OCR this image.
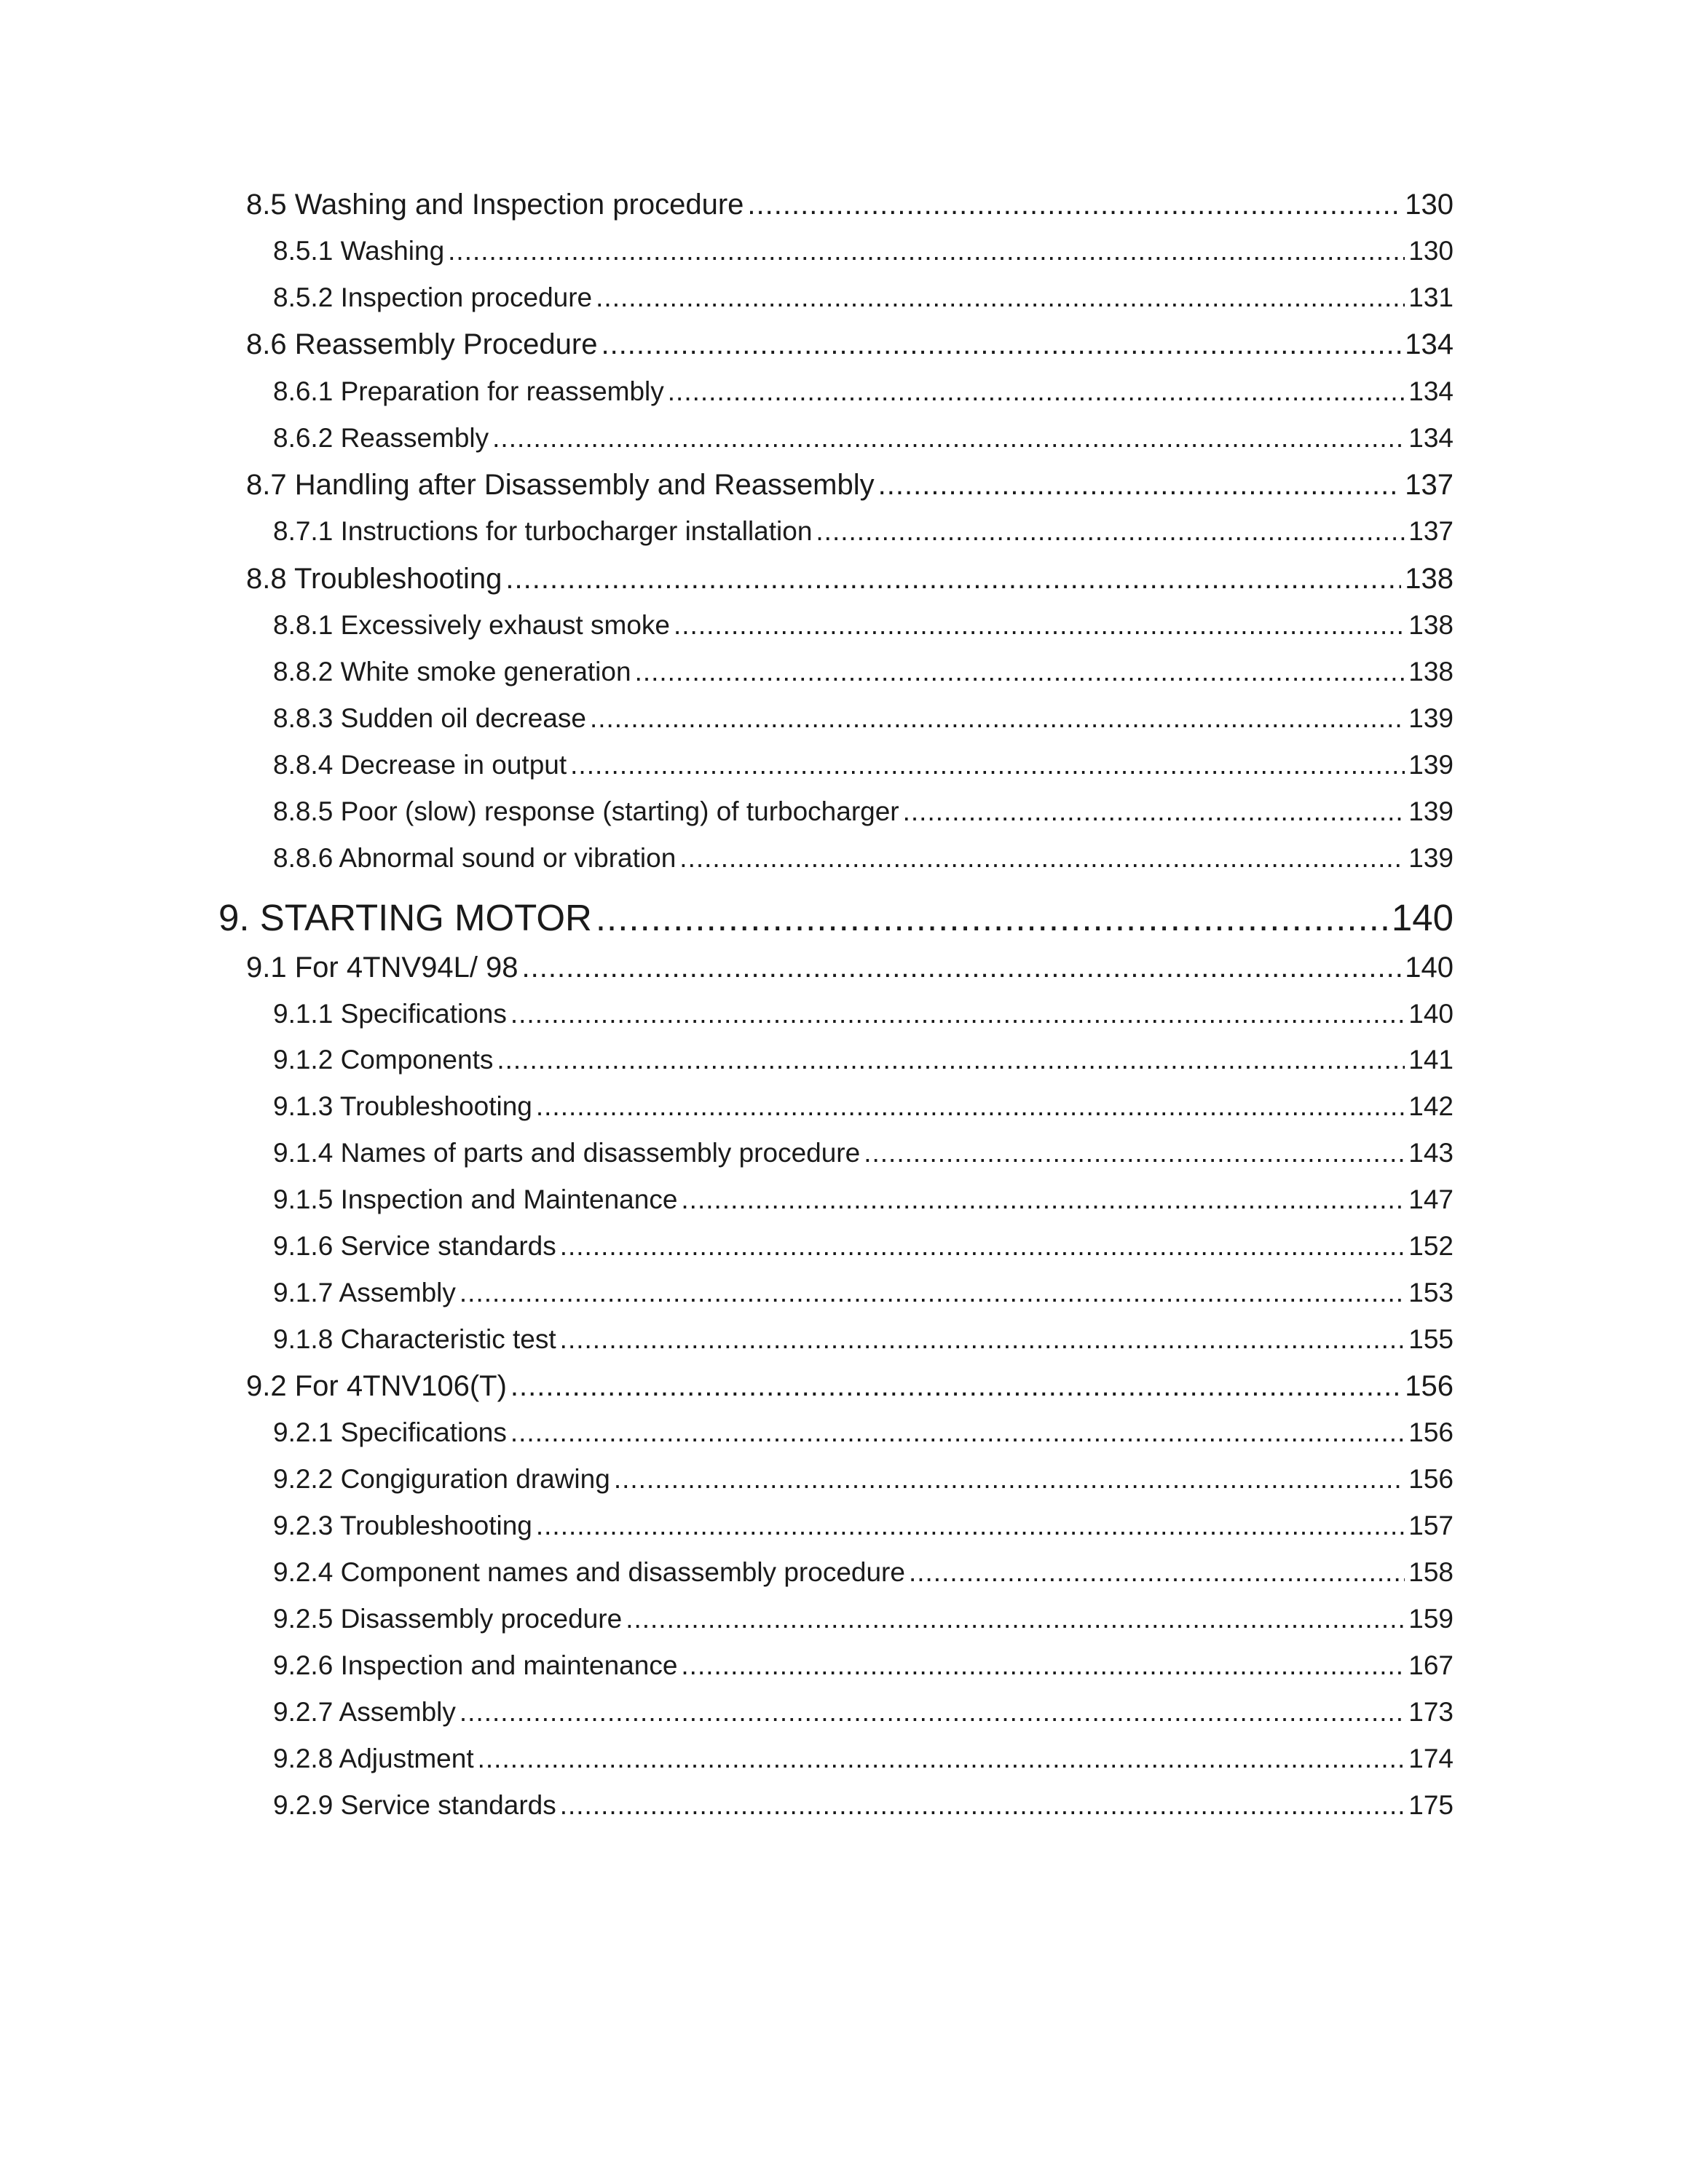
8.5 Washing and Inspection procedure .....	130
8.5.1 Washing .....	130
8.5.2 Inspection procedure .....	131
8.6 Reassembly Procedure .....	134
8.6.1 Preparation for reassembly .....	134
8.6.2 Reassembly .....	134
8.7 Handling after Disassembly and Reassembly .....	137
8.7.1 Instructions for turbocharger installation .....	137
8.8 Troubleshooting .....	138
8.8.1 Excessively exhaust smoke .....	138
8.8.2 White smoke generation .....	138
8.8.3 Sudden oil decrease .....	139
8.8.4 Decrease in output .....	139
8.8.5 Poor (slow) response (starting) of turbocharger .....	139
8.8.6 Abnormal sound or vibration .....	139
9. STARTING MOTOR .....	140
9.1 For 4TNV94L/ 98 .....	140
9.1.1 Specifications .....	140
9.1.2 Components .....	141
9.1.3 Troubleshooting .....	142
9.1.4 Names of parts and disassembly procedure .....	143
9.1.5 Inspection and Maintenance .....	147
9.1.6 Service standards .....	152
9.1.7 Assembly .....	153
9.1.8 Characteristic test .....	155
9.2 For 4TNV106(T) .....	156
9.2.1 Specifications .....	156
9.2.2 Congiguration drawing .....	156
9.2.3 Troubleshooting .....	157
9.2.4 Component names and disassembly procedure .....	158
9.2.5 Disassembly procedure .....	159
9.2.6 Inspection and maintenance .....	167
9.2.7 Assembly .....	173
9.2.8 Adjustment .....	174
9.2.9 Service standards .....	175
